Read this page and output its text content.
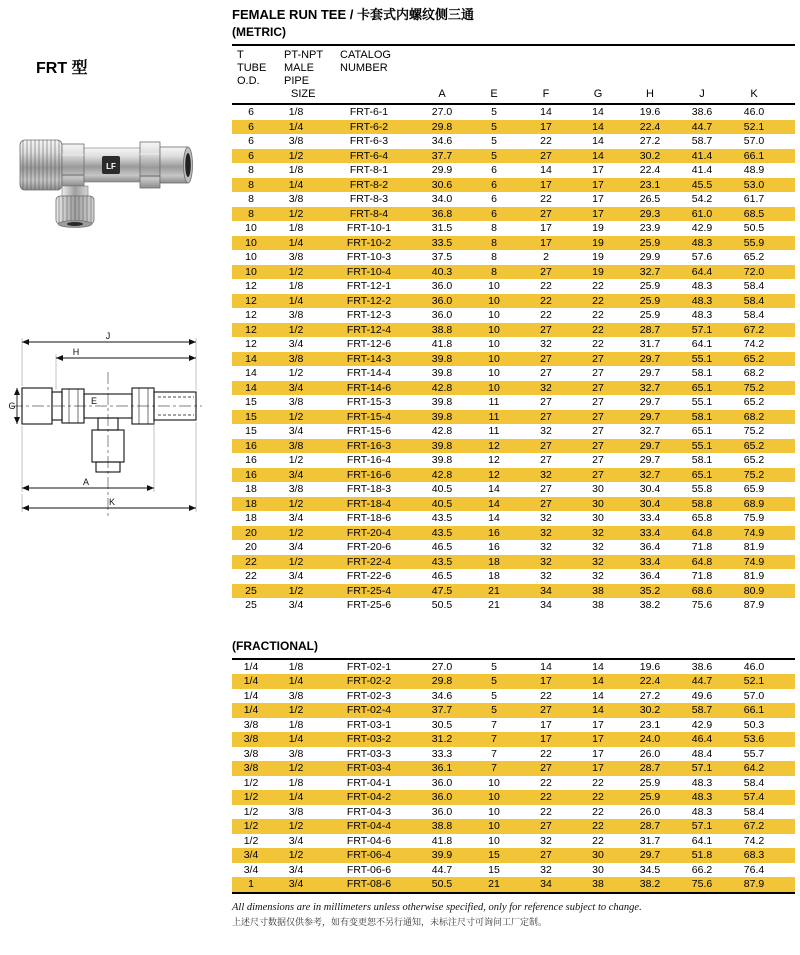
FRT 型
LF
J
H
G	E
A
K
FEMALE RUN TEE / 卡套式内螺纹侧三通
(METRIC)
T
TUBE
O.D.
PT-NPT
MALE
PIPE
SIZE
CATALOG
NUMBER
A	E	F	G	H	J	K
6	1/8	FRT-6-1	27.0	5	14	14	19.6	38.6	46.0
6	1/4	FRT-6-2	29.8	5	17	14	22.4	44.7	52.1
6	3/8	FRT-6-3	34.6	5	22	14	27.2	58.7	57.0
6	1/2	FRT-6-4	37.7	5	27	14	30.2	41.4	66.1
8	1/8	FRT-8-1	29.9	6	14	17	22.4	41.4	48.9
8	1/4	FRT-8-2	30.6	6	17	17	23.1	45.5	53.0
8	3/8	FRT-8-3	34.0	6	22	17	26.5	54.2	61.7
8	1/2	FRT-8-4	36.8	6	27	17	29.3	61.0	68.5
10	1/8	FRT-10-1	31.5	8	17	19	23.9	42.9	50.5
10	1/4	FRT-10-2	33.5	8	17	19	25.9	48.3	55.9
10	3/8	FRT-10-3	37.5	8	2	19	29.9	57.6	65.2
10	1/2	FRT-10-4	40.3	8	27	19	32.7	64.4	72.0
12	1/8	FRT-12-1	36.0	10	22	22	25.9	48.3	58.4
12	1/4	FRT-12-2	36.0	10	22	22	25.9	48.3	58.4
12	3/8	FRT-12-3	36.0	10	22	22	25.9	48.3	58.4
12	1/2	FRT-12-4	38.8	10	27	22	28.7	57.1	67.2
12	3/4	FRT-12-6	41.8	10	32	22	31.7	64.1	74.2
14	3/8	FRT-14-3	39.8	10	27	27	29.7	55.1	65.2
14	1/2	FRT-14-4	39.8	10	27	27	29.7	58.1	68.2
14	3/4	FRT-14-6	42.8	10	32	27	32.7	65.1	75.2
15	3/8	FRT-15-3	39.8	11	27	27	29.7	55.1	65.2
15	1/2	FRT-15-4	39.8	11	27	27	29.7	58.1	68.2
15	3/4	FRT-15-6	42.8	11	32	27	32.7	65.1	75.2
16	3/8	FRT-16-3	39.8	12	27	27	29.7	55.1	65.2
16	1/2	FRT-16-4	39.8	12	27	27	29.7	58.1	65.2
16	3/4	FRT-16-6	42.8	12	32	27	32.7	65.1	75.2
18	3/8	FRT-18-3	40.5	14	27	30	30.4	55.8	65.9
18	1/2	FRT-18-4	40.5	14	27	30	30.4	58.8	68.9
18	3/4	FRT-18-6	43.5	14	32	30	33.4	65.8	75.9
20	1/2	FRT-20-4	43.5	16	32	32	33.4	64.8	74.9
20	3/4	FRT-20-6	46.5	16	32	32	36.4	71.8	81.9
22	1/2	FRT-22-4	43.5	18	32	32	33.4	64.8	74.9
22	3/4	FRT-22-6	46.5	18	32	32	36.4	71.8	81.9
25	1/2	FRT-25-4	47.5	21	34	38	35.2	68.6	80.9
25	3/4	FRT-25-6	50.5	21	34	38	38.2	75.6	87.9
(FRACTIONAL)
1/4	1/8	FRT-02-1	27.0	5	14	14	19.6	38.6	46.0
1/4	1/4	FRT-02-2	29.8	5	17	14	22.4	44.7	52.1
1/4	3/8	FRT-02-3	34.6	5	22	14	27.2	49.6	57.0
1/4	1/2	FRT-02-4	37.7	5	27	14	30.2	58.7	66.1
3/8	1/8	FRT-03-1	30.5	7	17	17	23.1	42.9	50.3
3/8	1/4	FRT-03-2	31.2	7	17	17	24.0	46.4	53.6
3/8	3/8	FRT-03-3	33.3	7	22	17	26.0	48.4	55.7
3/8	1/2	FRT-03-4	36.1	7	27	17	28.7	57.1	64.2
1/2	1/8	FRT-04-1	36.0	10	22	22	25.9	48.3	58.4
1/2	1/4	FRT-04-2	36.0	10	22	22	25.9	48.3	57.4
1/2	3/8	FRT-04-3	36.0	10	22	22	26.0	48.3	58.4
1/2	1/2	FRT-04-4	38.8	10	27	22	28.7	57.1	67.2
1/2	3/4	FRT-04-6	41.8	10	32	22	31.7	64.1	74.2
3/4	1/2	FRT-06-4	39.9	15	27	30	29.7	51.8	68.3
3/4	3/4	FRT-06-6	44.7	15	32	30	34.5	66.2	76.4
1	3/4	FRT-08-6	50.5	21	34	38	38.2	75.6	87.9
All dimensions are in millimeters unless otherwise specified, only for reference subject to change.
上述尺寸数据仅供参考，如有变更恕不另行通知，未标注尺寸可询问工厂定制。
